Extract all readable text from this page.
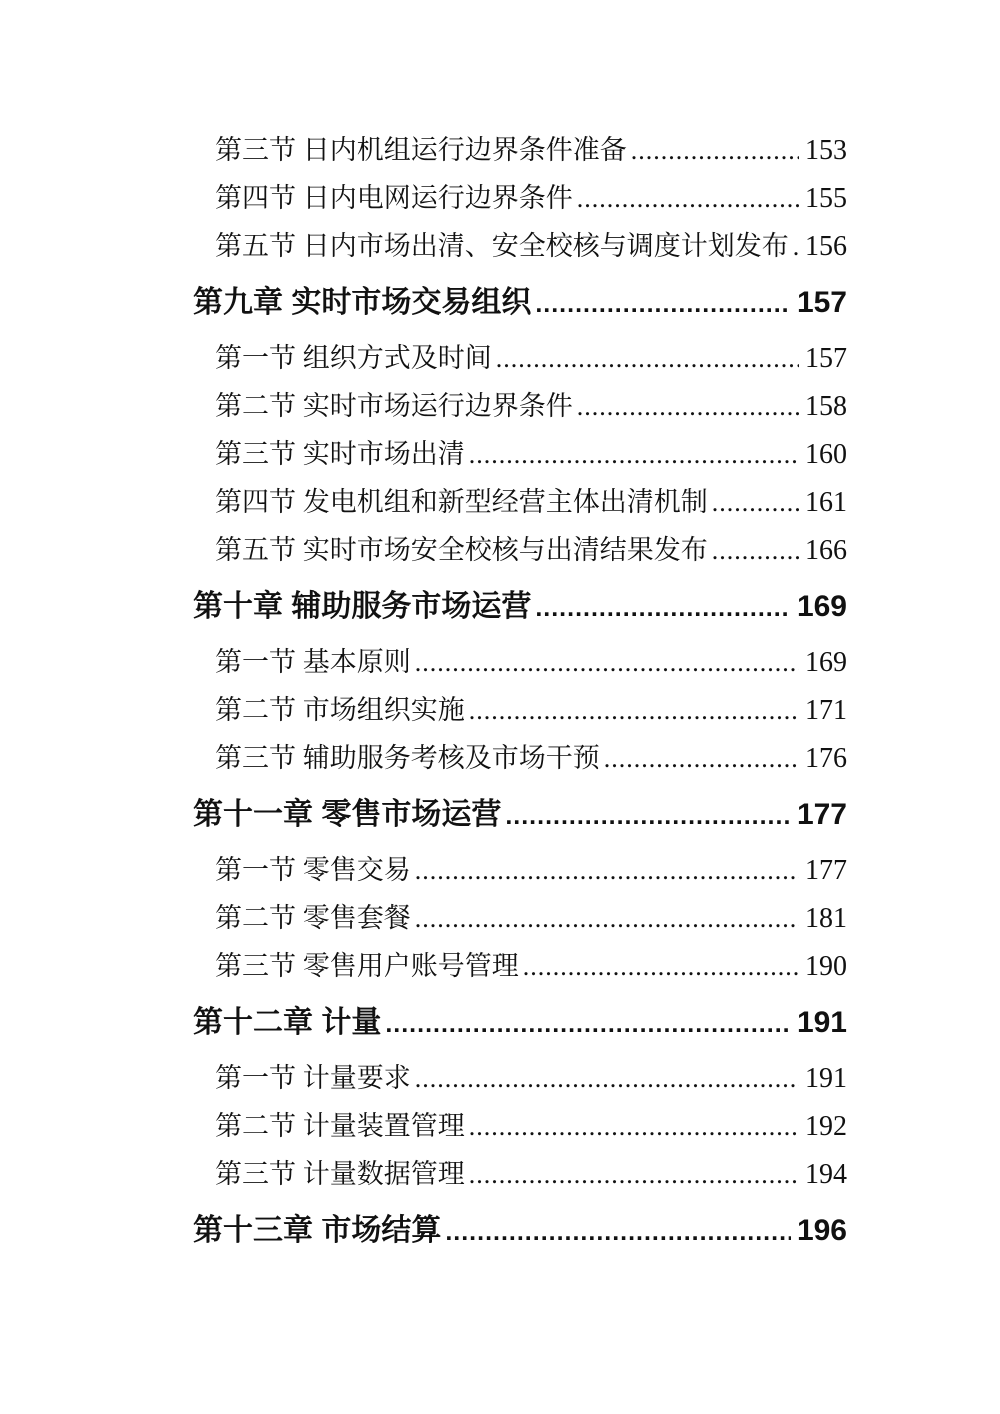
第三节 日内机组运行边界条件准备 .....	153
第四节 日内电网运行边界条件 .....	155
第五节 日内市场出清、安全校核与调度计划发布 ..... 156
第九章 实时市场交易组织 .....	157
第一节 组织方式及时间 .....	157
第二节 实时市场运行边界条件 .....	158
第三节 实时市场出清 .....	160
第四节 发电机组和新型经营主体出清机制 .....	161
第五节 实时市场安全校核与出清结果发布 .....	166
第十章 辅助服务市场运营 .....	169
第一节 基本原则 .....	169
第二节 市场组织实施 .....	171
第三节 辅助服务考核及市场干预 .....	176
第十一章 零售市场运营 .....	177
第一节 零售交易 .....	177
第二节 零售套餐 .....	181
第三节 零售用户账号管理 .....	190
第十二章 计量 .....	191
第一节 计量要求 .....	191
第二节 计量装置管理 .....	192
第三节 计量数据管理 .....	194
第十三章 市场结算 .....	196
